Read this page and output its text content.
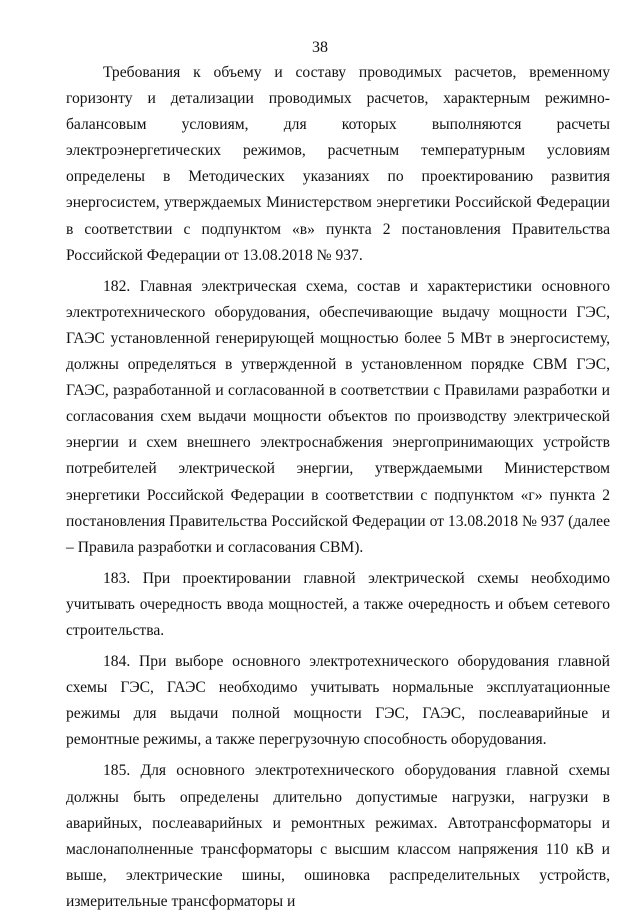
38

Требования к объему и составу проводимых расчетов, временному горизонту и детализации проводимых расчетов, характерным режимно-балансовым условиям, для которых выполняются расчеты электроэнергетических режимов, расчетным температурным условиям определены в Методических указаниях по проектированию развития энергосистем, утверждаемых Министерством энергетики Российской Федерации в соответствии с подпунктом «в» пункта 2 постановления Правительства Российской Федерации от 13.08.2018 № 937.

182. Главная электрическая схема, состав и характеристики основного электротехнического оборудования, обеспечивающие выдачу мощности ГЭС, ГАЭС установленной генерирующей мощностью более 5 МВт в энергосистему, должны определяться в утвержденной в установленном порядке СВМ ГЭС, ГАЭС, разработанной и согласованной в соответствии с Правилами разработки и согласования схем выдачи мощности объектов по производству электрической энергии и схем внешнего электроснабжения энергопринимающих устройств потребителей электрической энергии, утверждаемыми Министерством энергетики Российской Федерации в соответствии с подпунктом «г» пункта 2 постановления Правительства Российской Федерации от 13.08.2018 № 937 (далее – Правила разработки и согласования СВМ).

183. При проектировании главной электрической схемы необходимо учитывать очередность ввода мощностей, а также очередность и объем сетевого строительства.

184. При выборе основного электротехнического оборудования главной схемы ГЭС, ГАЭС необходимо учитывать нормальные эксплуатационные режимы для выдачи полной мощности ГЭС, ГАЭС, послеаварийные и ремонтные режимы, а также перегрузочную способность оборудования.

185. Для основного электротехнического оборудования главной схемы должны быть определены длительно допустимые нагрузки, нагрузки в аварийных, послеаварийных и ремонтных режимах. Автотрансформаторы и маслонаполненные трансформаторы с высшим классом напряжения 110 кВ и выше, электрические шины, ошиновка распределительных устройств, измерительные трансформаторы и
